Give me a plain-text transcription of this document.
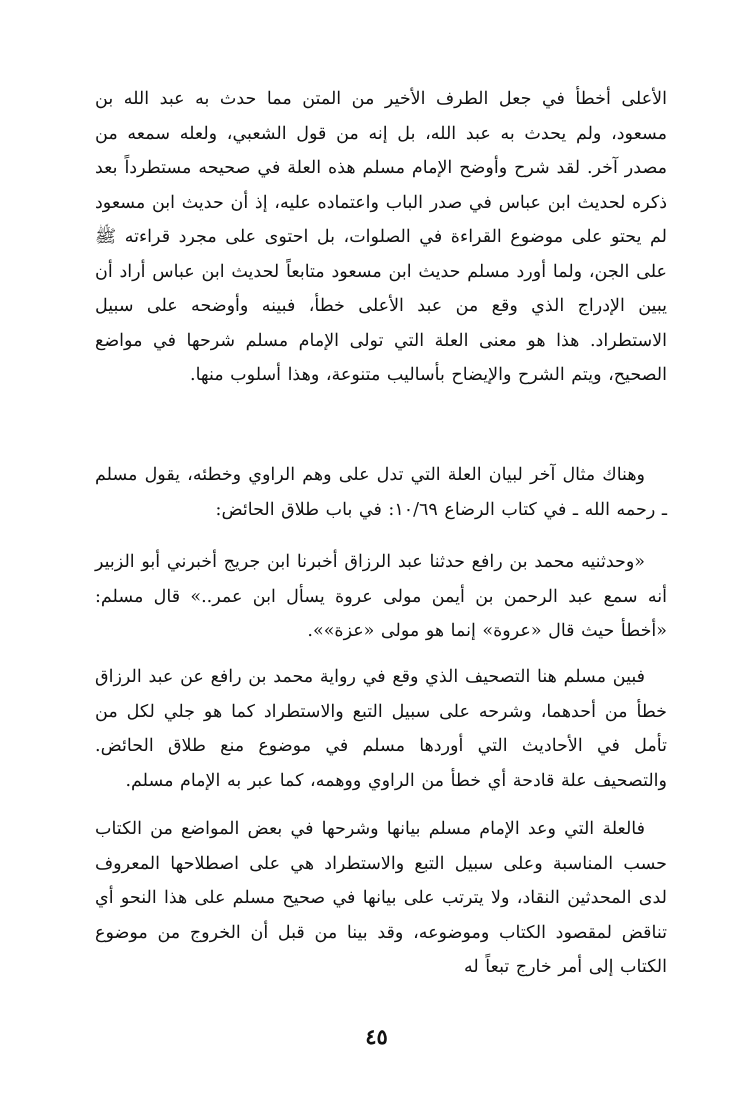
الأعلى أخطأ في جعل الطرف الأخير من المتن مما حدث به عبد الله بن مسعود، ولم يحدث به عبد الله، بل إنه من قول الشعبي، ولعله سمعه من مصدر آخر. لقد شرح وأوضح الإمام مسلم هذه العلة في صحيحه مستطرداً بعد ذكره لحديث ابن عباس في صدر الباب واعتماده عليه، إذ أن حديث ابن مسعود لم يحتو على موضوع القراءة في الصلوات، بل احتوى على مجرد قراءته ﷺ على الجن، ولما أورد مسلم حديث ابن مسعود متابعاً لحديث ابن عباس أراد أن يبين الإدراج الذي وقع من عبد الأعلى خطأ، فبينه وأوضحه على سبيل الاستطراد. هذا هو معنى العلة التي تولى الإمام مسلم شرحها في مواضع الصحيح، ويتم الشرح والإيضاح بأساليب متنوعة، وهذا أسلوب منها.

وهناك مثال آخر لبيان العلة التي تدل على وهم الراوي وخطئه، يقول مسلم ـ رحمه الله ـ في كتاب الرضاع ١٠/٦٩: في باب طلاق الحائض:

«وحدثنيه محمد بن رافع حدثنا عبد الرزاق أخبرنا ابن جريج أخبرني أبو الزبير أنه سمع عبد الرحمن بن أيمن مولى عروة يسأل ابن عمر..» قال مسلم: «أخطأ حيث قال «عروة» إنما هو مولى «عزة»».

فبين مسلم هنا التصحيف الذي وقع في رواية محمد بن رافع عن عبد الرزاق خطأ من أحدهما، وشرحه على سبيل التبع والاستطراد كما هو جلي لكل من تأمل في الأحاديث التي أوردها مسلم في موضوع منع طلاق الحائض. والتصحيف علة قادحة أي خطأ من الراوي ووهمه، كما عبر به الإمام مسلم.

فالعلة التي وعد الإمام مسلم بيانها وشرحها في بعض المواضع من الكتاب حسب المناسبة وعلى سبيل التبع والاستطراد هي على اصطلاحها المعروف لدى المحدثين النقاد، ولا يترتب على بيانها في صحيح مسلم على هذا النحو أي تناقض لمقصود الكتاب وموضوعه، وقد بينا من قبل أن الخروج من موضوع الكتاب إلى أمر خارج تبعاً له

٤٥
